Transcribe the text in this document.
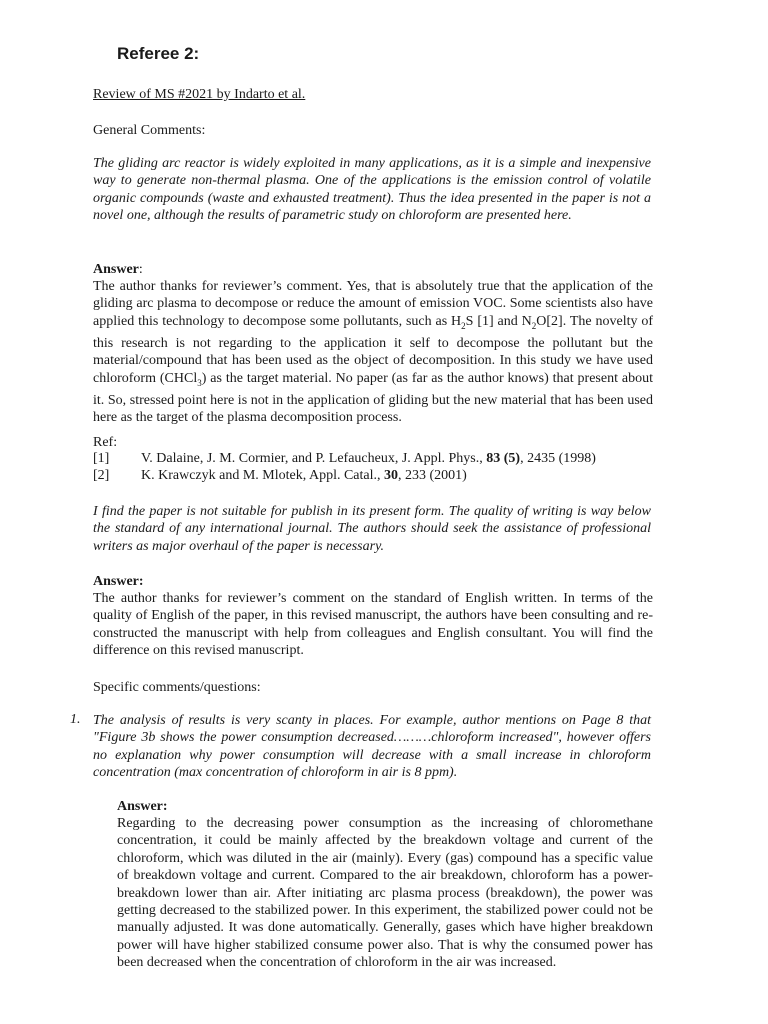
Referee 2:
Review of MS #2021 by Indarto et al.
General Comments:
The gliding arc reactor is widely exploited in many applications, as it is a simple and inexpensive way to generate non-thermal plasma. One of the applications is the emission control of volatile organic compounds (waste and exhausted treatment). Thus the idea presented in the paper is not a novel one, although the results of parametric study on chloroform are presented here.
Answer:
The author thanks for reviewer’s comment. Yes, that is absolutely true that the application of the gliding arc plasma to decompose or reduce the amount of emission VOC. Some scientists also have applied this technology to decompose some pollutants, such as $H_2S$ [1] and $N_2O[2]$. The novelty of this research is not regarding to the application it self to decompose the pollutant but the material/compound that has been used as the object of decomposition. In this study we have used chloroform (CHCl$_3$) as the target material. No paper (as far as the author knows) that present about it. So, stressed point here is not in the application of gliding but the new material that has been used here as the target of the plasma decomposition process.
Ref:
[1] V. Dalaine, J. M. Cormier, and P. Lefaucheux, J. Appl. Phys., 83 (5), 2435 (1998)
[2] K. Krawczyk and M. Mlotek, Appl. Catal., 30, 233 (2001)
I find the paper is not suitable for publish in its present form. The quality of writing is way below the standard of any international journal. The authors should seek the assistance of professional writers as major overhaul of the paper is necessary.
Answer:
The author thanks for reviewer’s comment on the standard of English written. In terms of the quality of English of the paper, in this revised manuscript, the authors have been consulting and re-constructed the manuscript with help from colleagues and English consultant. You will find the difference on this revised manuscript.
Specific comments/questions:
1. The analysis of results is very scanty in places. For example, author mentions on Page 8 that "Figure 3b shows the power consumption decreased………chloroform increased", however offers no explanation why power consumption will decrease with a small increase in chloroform concentration (max concentration of chloroform in air is 8 ppm).
Answer:
Regarding to the decreasing power consumption as the increasing of chloromethane concentration, it could be mainly affected by the breakdown voltage and current of the chloroform, which was diluted in the air (mainly). Every (gas) compound has a specific value of breakdown voltage and current. Compared to the air breakdown, chloroform has a power-breakdown lower than air. After initiating arc plasma process (breakdown), the power was getting decreased to the stabilized power. In this experiment, the stabilized power could not be manually adjusted. It was done automatically. Generally, gases which have higher breakdown power will have higher stabilized consume power also. That is why the consumed power has been decreased when the concentration of chloroform in the air was increased.
